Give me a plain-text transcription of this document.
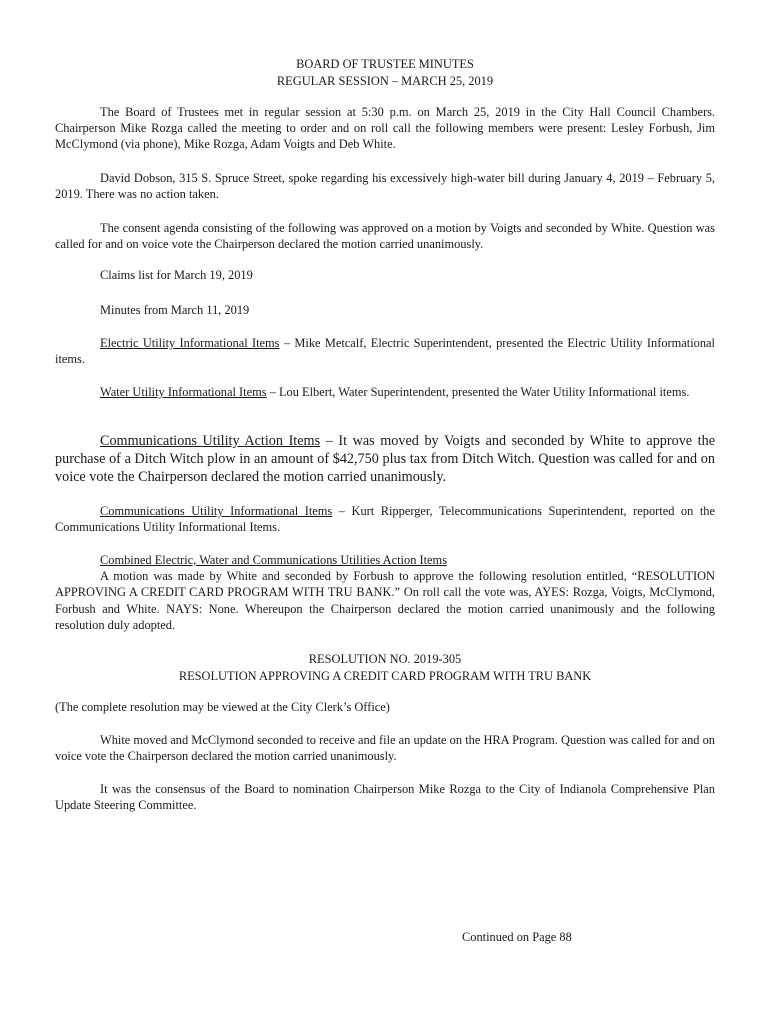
BOARD OF TRUSTEE MINUTES
REGULAR SESSION – MARCH 25, 2019

The Board of Trustees met in regular session at 5:30 p.m. on March 25, 2019 in the City Hall Council Chambers. Chairperson Mike Rozga called the meeting to order and on roll call the following members were present: Lesley Forbush, Jim McClymond (via phone), Mike Rozga, Adam Voigts and Deb White.

David Dobson, 315 S. Spruce Street, spoke regarding his excessively high-water bill during January 4, 2019 – February 5, 2019. There was no action taken.

The consent agenda consisting of the following was approved on a motion by Voigts and seconded by White. Question was called for and on voice vote the Chairperson declared the motion carried unanimously.

Claims list for March 19, 2019
Minutes from March 11, 2019

Electric Utility Informational Items – Mike Metcalf, Electric Superintendent, presented the Electric Utility Informational items.

Water Utility Informational Items – Lou Elbert, Water Superintendent, presented the Water Utility Informational items.

Communications Utility Action Items – It was moved by Voigts and seconded by White to approve the purchase of a Ditch Witch plow in an amount of $42,750 plus tax from Ditch Witch. Question was called for and on voice vote the Chairperson declared the motion carried unanimously.

Communications Utility Informational Items – Kurt Ripperger, Telecommunications Superintendent, reported on the Communications Utility Informational Items.

Combined Electric, Water and Communications Utilities Action Items

A motion was made by White and seconded by Forbush to approve the following resolution entitled, “RESOLUTION APPROVING A CREDIT CARD PROGRAM WITH TRU BANK.” On roll call the vote was, AYES: Rozga, Voigts, McClymond, Forbush and White. NAYS: None. Whereupon the Chairperson declared the motion carried unanimously and the following resolution duly adopted.

RESOLUTION NO. 2019-305
RESOLUTION APPROVING A CREDIT CARD PROGRAM WITH TRU BANK
(The complete resolution may be viewed at the City Clerk’s Office)

White moved and McClymond seconded to receive and file an update on the HRA Program. Question was called for and on voice vote the Chairperson declared the motion carried unanimously.

It was the consensus of the Board to nomination Chairperson Mike Rozga to the City of Indianola Comprehensive Plan Update Steering Committee.

Continued on Page 88
